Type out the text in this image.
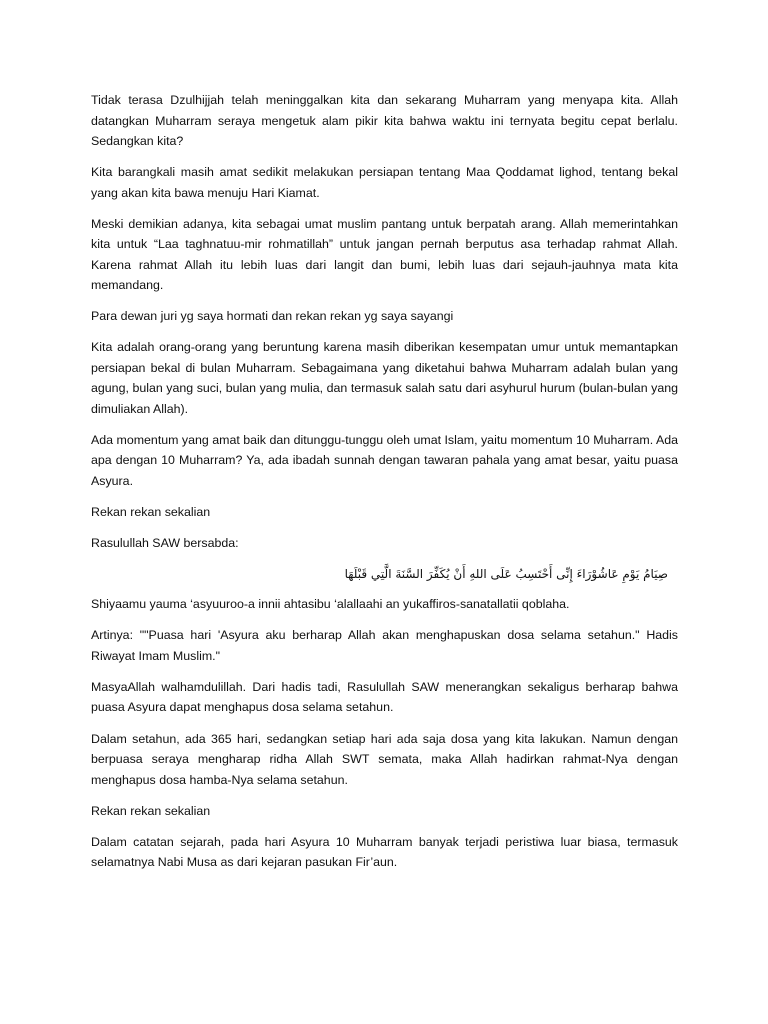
Tidak terasa Dzulhijjah telah meninggalkan kita dan sekarang Muharram yang menyapa kita. Allah datangkan Muharram seraya mengetuk alam pikir kita bahwa waktu ini ternyata begitu cepat berlalu. Sedangkan kita?

Kita barangkali masih amat sedikit melakukan persiapan tentang Maa Qoddamat lighod, tentang bekal yang akan kita bawa menuju Hari Kiamat.

Meski demikian adanya, kita sebagai umat muslim pantang untuk berpatah arang. Allah memerintahkan kita untuk “Laa taghnatuu-mir rohmatillah” untuk jangan pernah berputus asa terhadap rahmat Allah. Karena rahmat Allah itu lebih luas dari langit dan bumi, lebih luas dari sejauh-jauhnya mata kita memandang.

Para dewan juri yg saya hormati dan rekan rekan yg saya sayangi

Kita adalah orang-orang yang beruntung karena masih diberikan kesempatan umur untuk memantapkan persiapan bekal di bulan Muharram. Sebagaimana yang diketahui bahwa Muharram adalah bulan yang agung, bulan yang suci, bulan yang mulia, dan termasuk salah satu dari asyhurul hurum (bulan-bulan yang dimuliakan Allah).

Ada momentum yang amat baik dan ditunggu-tunggu oleh umat Islam, yaitu momentum 10 Muharram. Ada apa dengan 10 Muharram? Ya, ada ibadah sunnah dengan tawaran pahala yang amat besar, yaitu puasa Asyura.

Rekan rekan sekalian

Rasulullah SAW bersabda:

صِيَامُ يَوْمِ عَاشُوْرَاءَ إِنِّى أَحْتَسِبُ عَلَى اللهِ أَنْ يُكَفِّرَ السَّنَةَ الَّتِي قَبْلَهَا

Shiyaamu yauma ‘asyuuroo-a innii ahtasibu ‘alallaahi an yukaffiros-sanatallatii qoblaha.

Artinya: ""Puasa hari 'Asyura aku berharap Allah akan menghapuskan dosa selama setahun." Hadis Riwayat Imam Muslim."

MasyaAllah walhamdulillah. Dari hadis tadi, Rasulullah SAW menerangkan sekaligus berharap bahwa puasa Asyura dapat menghapus dosa selama setahun.

Dalam setahun, ada 365 hari, sedangkan setiap hari ada saja dosa yang kita lakukan. Namun dengan berpuasa seraya mengharap ridha Allah SWT semata, maka Allah hadirkan rahmat-Nya dengan menghapus dosa hamba-Nya selama setahun.

Rekan rekan sekalian

Dalam catatan sejarah, pada hari Asyura 10 Muharram banyak terjadi peristiwa luar biasa, termasuk selamatnya Nabi Musa as dari kejaran pasukan Fir’aun.
